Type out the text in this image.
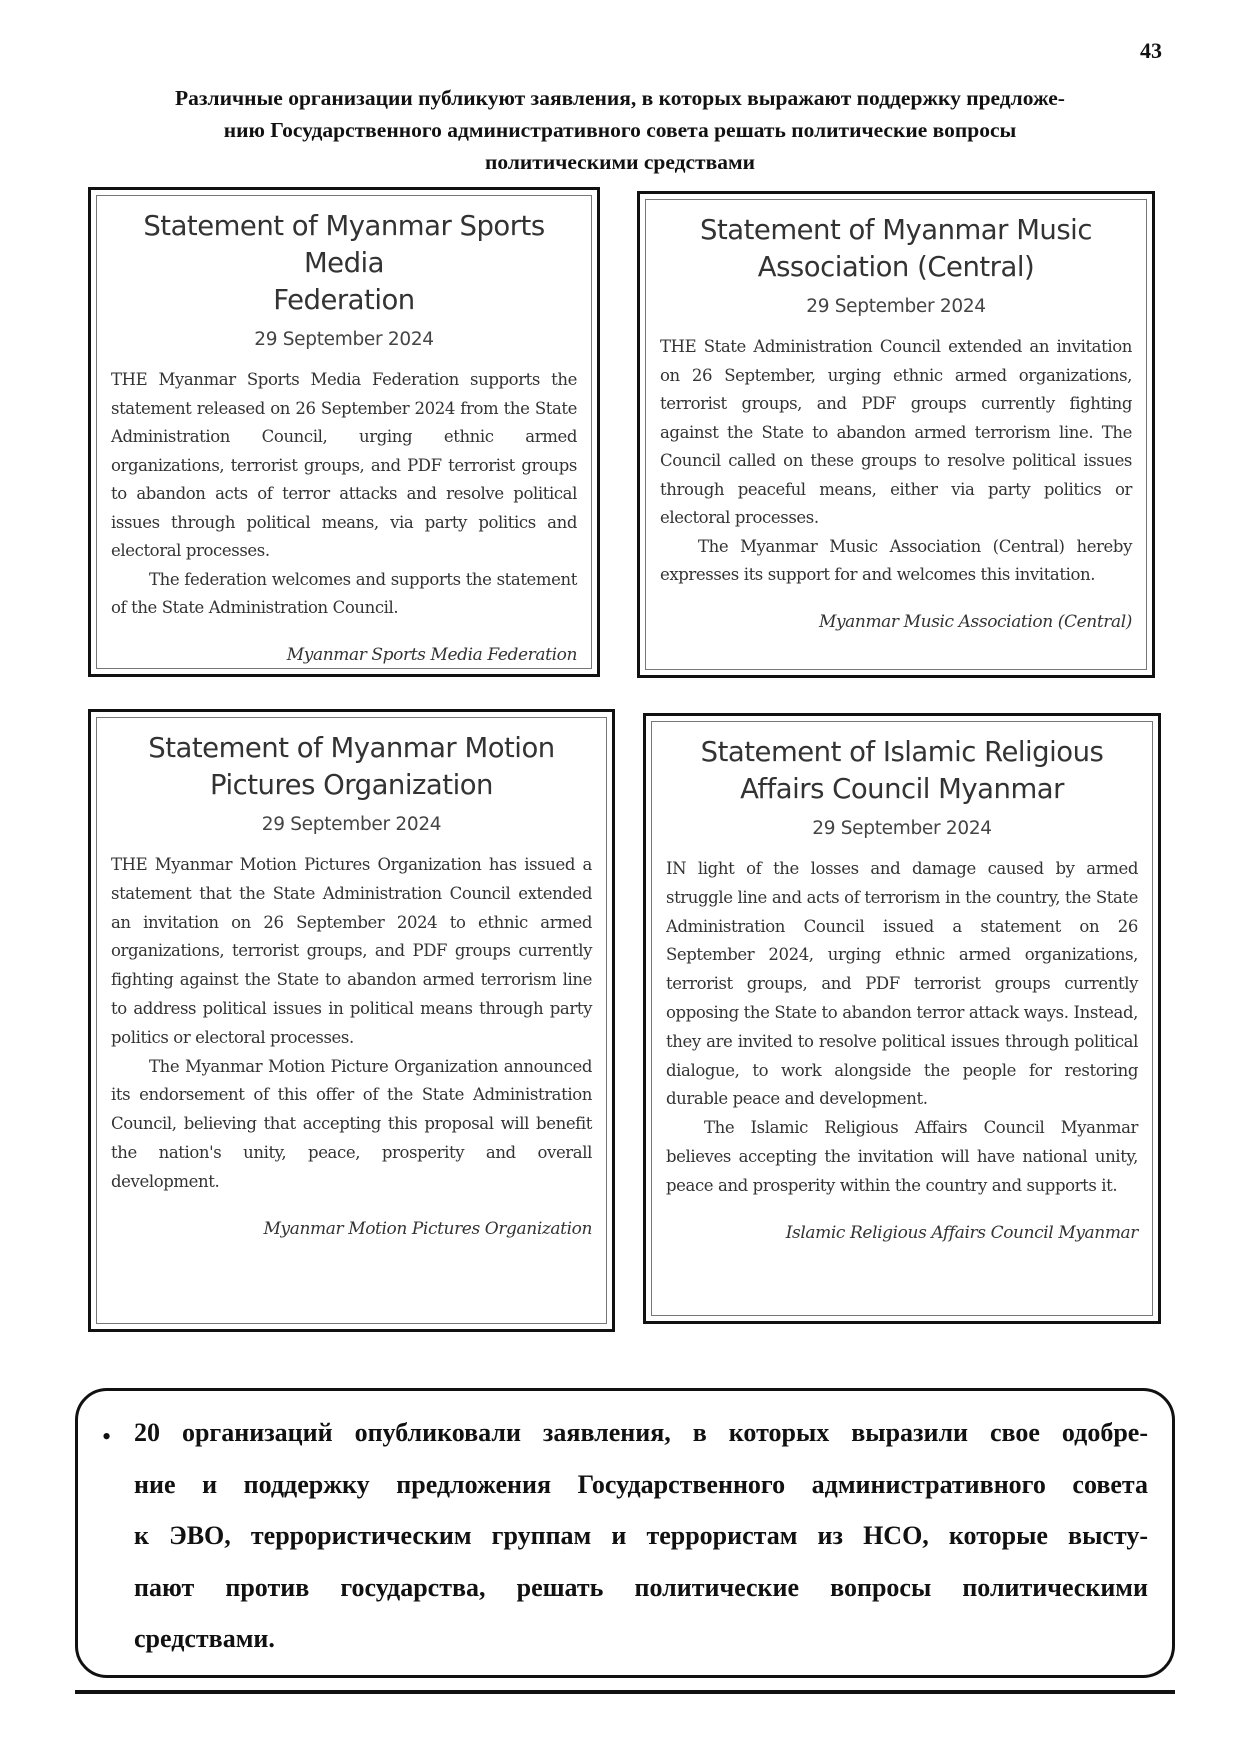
43
Различные организации публикуют заявления, в которых выражают поддержку предложе-
нию Государственного административного совета решать политические вопросы
политическими средствами
Statement of Myanmar Sports Media
Federation
29 September 2024

THE Myanmar Sports Media Federation supports the statement released on 26 September 2024 from the State Administration Council, urging ethnic armed organizations, terrorist groups, and PDF terrorist groups to abandon acts of terror attacks and resolve political issues through political means, via party politics and electoral processes.

The federation welcomes and supports the statement of the State Administration Council.

Myanmar Sports Media Federation
Statement of Myanmar Music
Association (Central)
29 September 2024

THE State Administration Council extended an invitation on 26 September, urging ethnic armed organizations, terrorist groups, and PDF groups currently fighting against the State to abandon armed terrorism line. The Council called on these groups to resolve political issues through peaceful means, either via party politics or electoral processes.

The Myanmar Music Association (Central) hereby expresses its support for and welcomes this invitation.

Myanmar Music Association (Central)
Statement of Myanmar Motion
Pictures Organization
29 September 2024

THE Myanmar Motion Pictures Organization has issued a statement that the State Administration Council extended an invitation on 26 September 2024 to ethnic armed organizations, terrorist groups, and PDF groups currently fighting against the State to abandon armed terrorism line to address political issues in political means through party politics or electoral processes.

The Myanmar Motion Picture Organization announced its endorsement of this offer of the State Administration Council, believing that accepting this proposal will benefit the nation's unity, peace, prosperity and overall development.

Myanmar Motion Pictures Organization
Statement of Islamic Religious
Affairs Council Myanmar
29 September 2024

IN light of the losses and damage caused by armed struggle line and acts of terrorism in the country, the State Administration Council issued a statement on 26 September 2024, urging ethnic armed organizations, terrorist groups, and PDF terrorist groups currently opposing the State to abandon terror attack ways. Instead, they are invited to resolve political issues through political dialogue, to work alongside the people for restoring durable peace and development.

The Islamic Religious Affairs Council Myanmar believes accepting the invitation will have national unity, peace and prosperity within the country and supports it.

Islamic Religious Affairs Council Myanmar
• 20 организаций опубликовали заявления, в которых выразили свое одобре-
ние и поддержку предложения Государственного административного совета
к ЭВО, террористическим группам и террористам из НСО, которые высту-
пают против государства, решать политические вопросы политическими
средствами.
